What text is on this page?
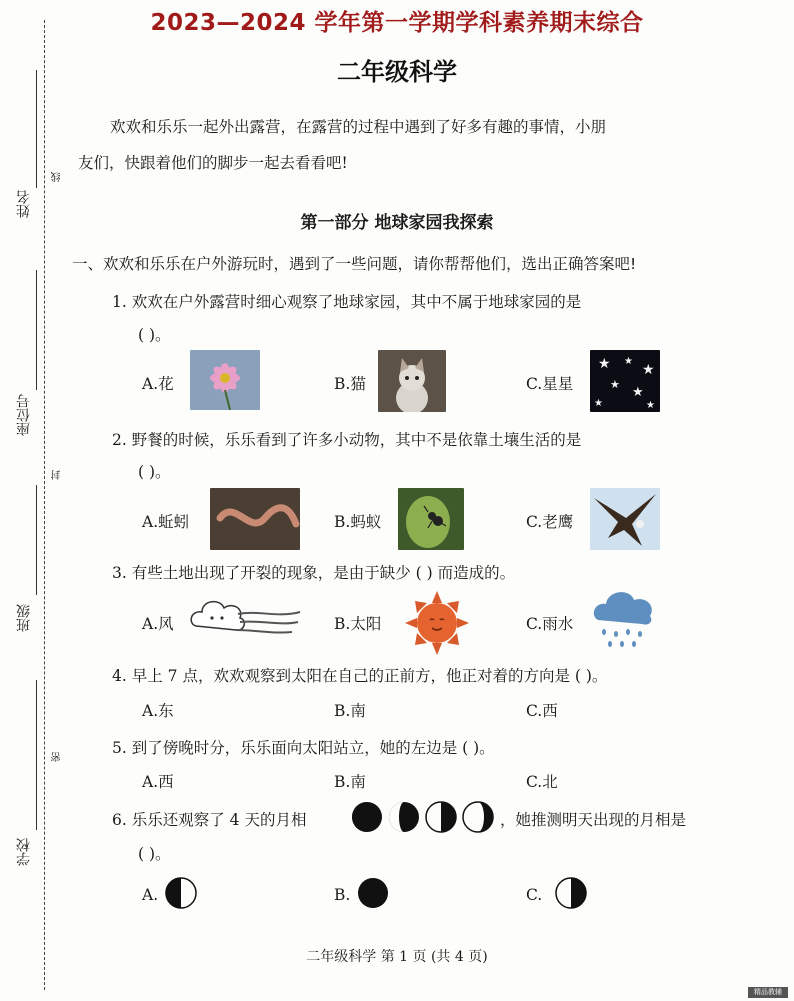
姓名
线
座位号
封
班级
密
学校
2023—2024 学年第一学期学科素养期末综合
二年级科学
欢欢和乐乐一起外出露营，在露营的过程中遇到了好多有趣的事情，小朋
友们，快跟着他们的脚步一起去看看吧!
第一部分 地球家园我探索
一、欢欢和乐乐在户外游玩时，遇到了一些问题，请你帮帮他们，选出正确答案吧!
1. 欢欢在户外露营时细心观察了地球家园，其中不属于地球家园的是
( )。
A.花	B.猫	C.星星
★ ★
★
★
★
★	★
2. 野餐的时候，乐乐看到了许多小动物，其中不是依靠土壤生活的是
( )。
A.蚯蚓	B.蚂蚁	C.老鹰
3. 有些土地出现了开裂的现象，是由于缺少 ( ) 而造成的。
A.风	B.太阳	C.雨水
4. 早上 7 点，欢欢观察到太阳在自己的正前方，他正对着的方向是 ( )。
A.东	B.南	C.西
5. 到了傍晚时分，乐乐面向太阳站立，她的左边是 ( )。
A.西	B.南	C.北
6. 乐乐还观察了 4 天的月相	，她推测明天出现的月相是
( )。
A.	B.	C.
二年级科学 第 1 页 (共 4 页)
精品教辅
